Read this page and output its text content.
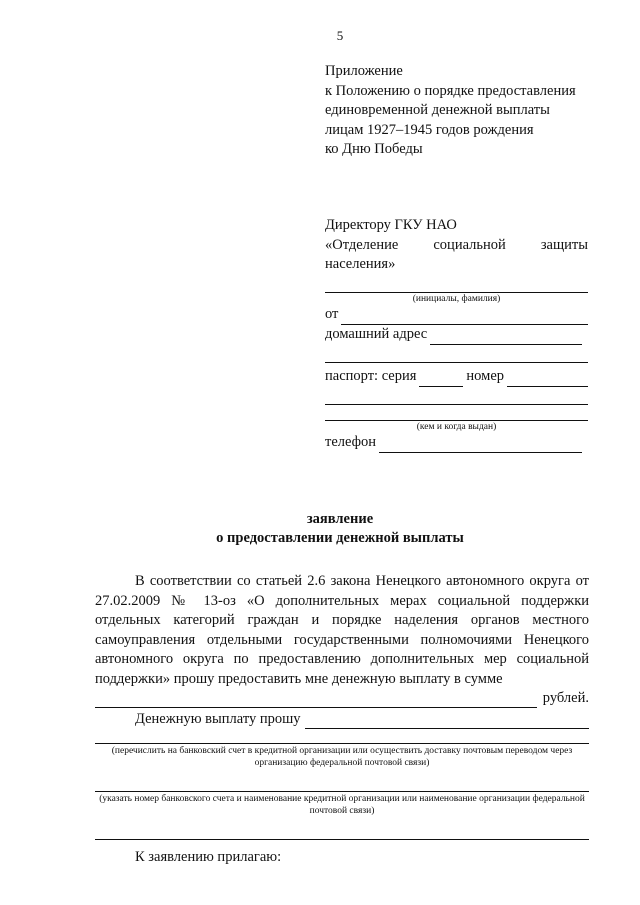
5
Приложение
к Положению о порядке предоставления
единовременной денежной выплаты
лицам 1927–1945 годов рождения
ко Дню Победы
Директору ГКУ НАО
«Отделение социальной защиты
населения»
(инициалы, фамилия)
от
домашний адрес
паспорт: серия	номер
(кем и когда выдан)
телефон
заявление
о предоставлении денежной выплаты

В соответствии со статьей 2.6 закона Ненецкого автономного округа от 27.02.2009 № 13-оз «О дополнительных мерах социальной поддержки отдельных категорий граждан и порядке наделения органов местного самоуправления отдельными государственными полномочиями Ненецкого автономного округа по предоставлению дополнительных мер социальной поддержки» прошу предоставить мне денежную выплату в сумме

рублей.
Денежную выплату прошу
(перечислить на банковский счет в кредитной организации или осуществить доставку почтовым переводом через организацию федеральной почтовой связи)
(указать номер банковского счета и наименование кредитной организации или наименование организации федеральной почтовой связи)
К заявлению прилагаю:
